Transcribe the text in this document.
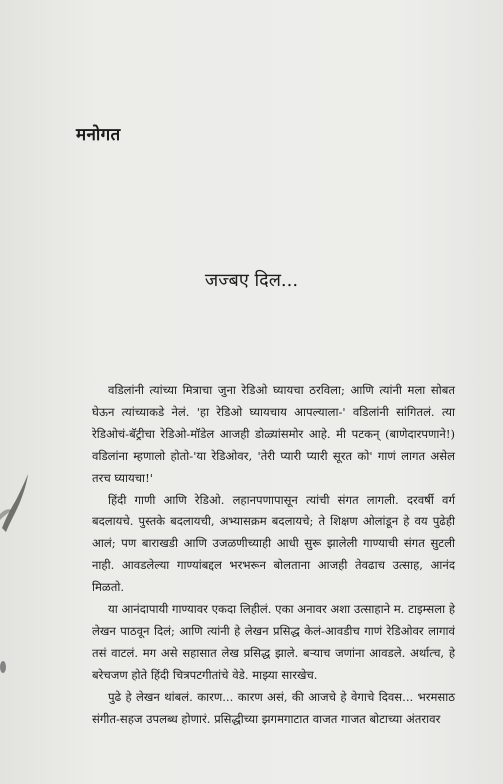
मनोगत
जज्बए दिल...

वडिलांनी त्यांच्या मित्राचा जुना रेडिओ घ्यायचा ठरविला; आणि त्यांनी मला सोबत घेऊन त्यांच्याकडे नेलं. 'हा रेडिओ घ्यायचाय आपल्याला-' वडिलांनी सांगितलं. त्या रेडिओचं-बॅट्रीचा रेडिओ-मॉडेल आजही डोळ्यांसमोर आहे. मी पटकन् (बाणेदारपणाने!) वडिलांना म्हणालो होतो-'या रेडिओवर, 'तेरी प्यारी प्यारी सूरत को' गाणं लागत असेल तरच घ्यायचा!'

हिंदी गाणी आणि रेडिओ. लहानपणापासून त्यांची संगत लागली. दरवर्षी वर्ग बदलायचे. पुस्तके बदलायची, अभ्यासक्रम बदलायचे; ते शिक्षण ओलांडून हे वय पुढेही आलं; पण बाराखडी आणि उजळणीच्याही आधी सुरू झालेली गाण्याची संगत सुटली नाही. आवडलेल्या गाण्यांबद्दल भरभरून बोलताना आजही तेवढाच उत्साह, आनंद मिळतो.

या आनंदापायी गाण्यावर एकदा लिहीलं. एका अनावर अशा उत्साहाने म. टाइम्सला हे लेखन पाठवून दिलं; आणि त्यांनी हे लेखन प्रसिद्ध केलं-आवडीच गाणं रेडिओवर लागावं तसं वाटलं. मग असे सहासात लेख प्रसिद्ध झाले. बऱ्याच जणांना आवडले. अर्थात्च, हे बरेचजण होते हिंदी चित्रपटगीतांचे वेडे. माझ्या सारखेच.

पुढे हे लेखन थांबलं. कारण... कारण असं, की आजचे हे वेगाचे दिवस... भरमसाठ संगीत-सहज उपलब्ध होणारं. प्रसिद्धीच्या झगमगाटात वाजत गाजत बोटाच्या अंतरावर
